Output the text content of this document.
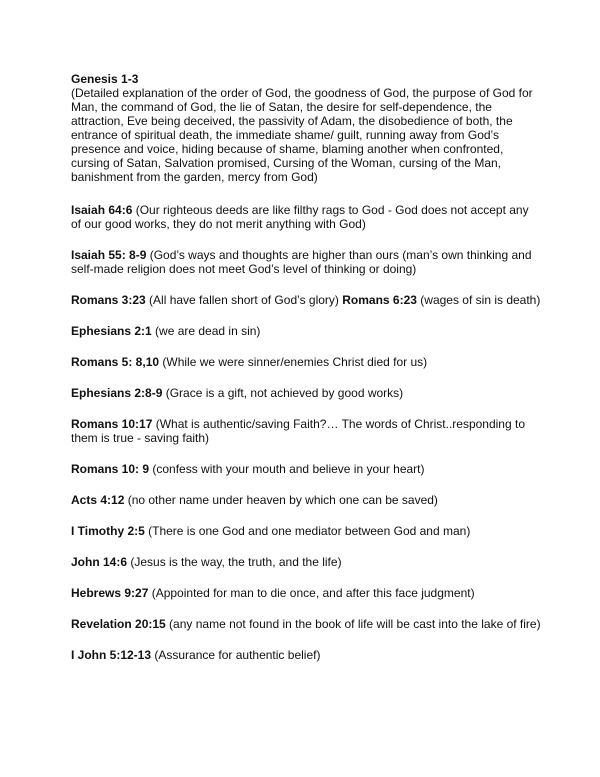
Genesis 1-3
(Detailed explanation of the order of God, the goodness of God, the purpose of God for Man, the command of God, the lie of Satan, the desire for self-dependence, the attraction, Eve being deceived, the passivity of Adam, the disobedience of both, the entrance of spiritual death, the immediate shame/ guilt, running away from God’s presence and voice, hiding because of shame, blaming another when confronted, cursing of Satan, Salvation promised, Cursing of the Woman, cursing of the Man, banishment from the garden, mercy from God)

Isaiah 64:6 (Our righteous deeds are like filthy rags to God - God does not accept any of our good works, they do not merit anything with God)

Isaiah 55: 8-9 (God’s ways and thoughts are higher than ours (man’s own thinking and self-made religion does not meet God’s level of thinking or doing)

Romans 3:23 (All have fallen short of God’s glory) Romans 6:23 (wages of sin is death)

Ephesians 2:1 (we are dead in sin)

Romans 5: 8,10 (While we were sinner/enemies Christ died for us)

Ephesians 2:8-9 (Grace is a gift, not achieved by good works)

Romans 10:17 (What is authentic/saving Faith?… The words of Christ..responding to them is true - saving faith)

Romans 10: 9 (confess with your mouth and believe in your heart)

Acts 4:12 (no other name under heaven by which one can be saved)

I Timothy 2:5 (There is one God and one mediator between God and man)

John 14:6 (Jesus is the way, the truth, and the life)

Hebrews 9:27 (Appointed for man to die once, and after this face judgment)

Revelation 20:15 (any name not found in the book of life will be cast into the lake of fire)

I John 5:12-13 (Assurance for authentic belief)
